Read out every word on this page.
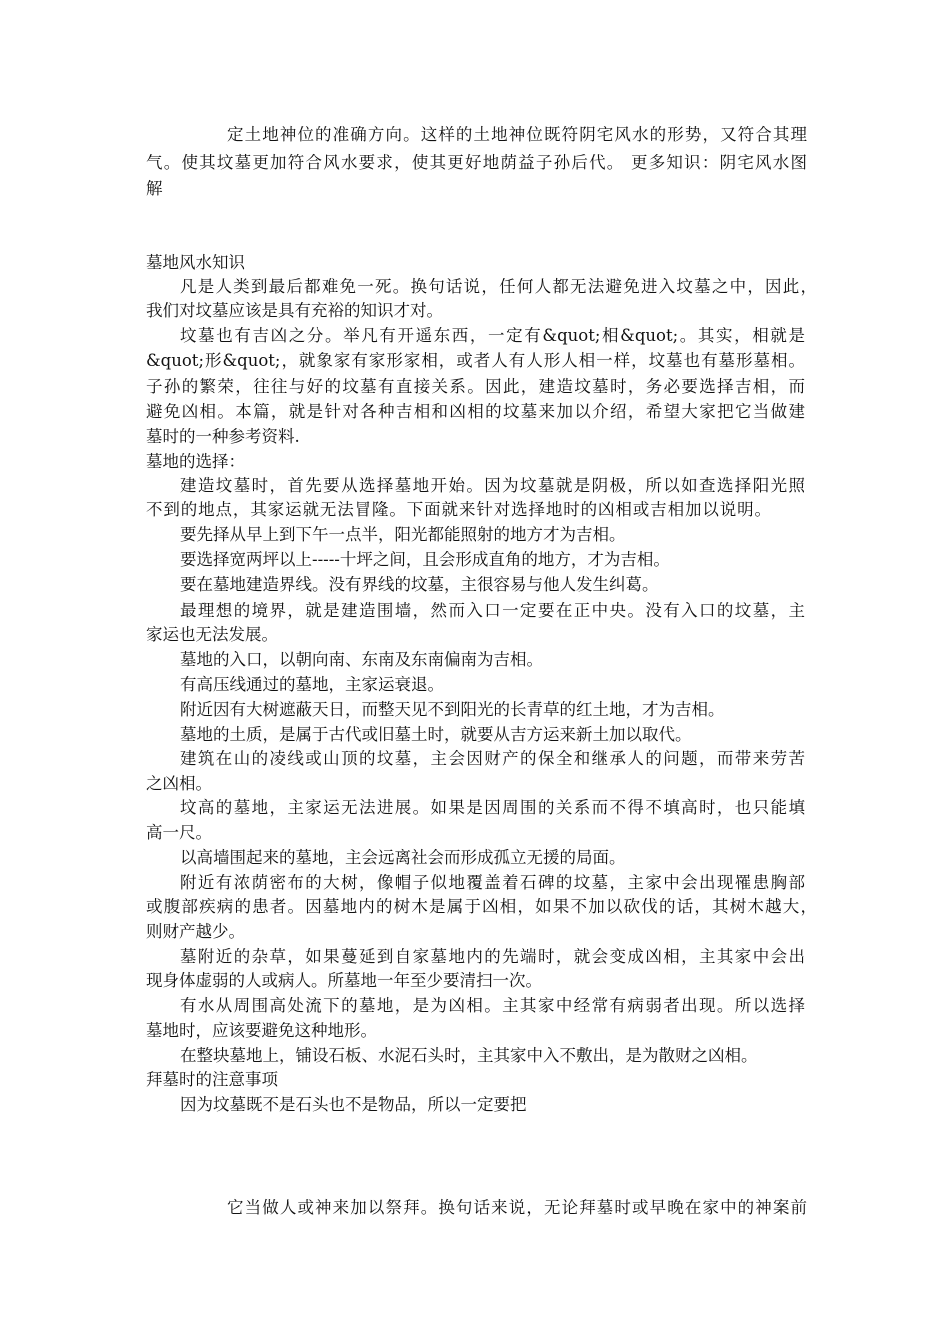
定土地神位的准确方向。这样的土地神位既符阴宅风水的形势，又符合其理
气。使其坟墓更加符合风水要求，使其更好地荫益子孙后代。 更多知识：阴宅风水图
解
墓地风水知识
凡是人类到最后都难免一死。换句话说，任何人都无法避免进入坟墓之中，因此，
我们对坟墓应该是具有充裕的知识才对。
坟墓也有吉凶之分。举凡有开遥东西，一定有&quot;相&quot;。其实，相就是
&quot;形&quot;，就象家有家形家相，或者人有人形人相一样，坟墓也有墓形墓相。
子孙的繁荣，往往与好的坟墓有直接关系。因此，建造坟墓时，务必要选择吉相，而
避免凶相。本篇，就是针对各种吉相和凶相的坟墓来加以介绍，希望大家把它当做建
墓时的一种参考资料.
墓地的选择：
建造坟墓时，首先要从选择墓地开始。因为坟墓就是阴极，所以如查选择阳光照
不到的地点，其家运就无法冒隆。下面就来针对选择地时的凶相或吉相加以说明。
要先择从早上到下午一点半，阳光都能照射的地方才为吉相。
要选择宽两坪以上-----十坪之间，且会形成直角的地方，才为吉相。
要在墓地建造界线。没有界线的坟墓，主很容易与他人发生纠葛。
最理想的境界，就是建造围墙，然而入口一定要在正中央。没有入口的坟墓，主
家运也无法发展。
墓地的入口，以朝向南、东南及东南偏南为吉相。
有高压线通过的墓地，主家运衰退。
附近因有大树遮蔽天日，而整天见不到阳光的长青草的红土地，才为吉相。
墓地的土质，是属于古代或旧墓土时，就要从吉方运来新土加以取代。
建筑在山的凌线或山顶的坟墓，主会因财产的保全和继承人的问题，而带来劳苦
之凶相。
坟高的墓地，主家运无法进展。如果是因周围的关系而不得不填高时，也只能填
高一尺。
以高墙围起来的墓地，主会远离社会而形成孤立无援的局面。
附近有浓荫密布的大树，像帽子似地覆盖着石碑的坟墓，主家中会出现罹患胸部
或腹部疾病的患者。因墓地内的树木是属于凶相，如果不加以砍伐的话，其树木越大，
则财产越少。
墓附近的杂草，如果蔓延到自家墓地内的先端时，就会变成凶相，主其家中会出
现身体虚弱的人或病人。所墓地一年至少要清扫一次。
有水从周围高处流下的墓地，是为凶相。主其家中经常有病弱者出现。所以选择
墓地时，应该要避免这种地形。
在整块墓地上，铺设石板、水泥石头时，主其家中入不敷出，是为散财之凶相。
拜墓时的注意事项
因为坟墓既不是石头也不是物品，所以一定要把
它当做人或神来加以祭拜。换句话来说，无论拜墓时或早晚在家中的神案前
